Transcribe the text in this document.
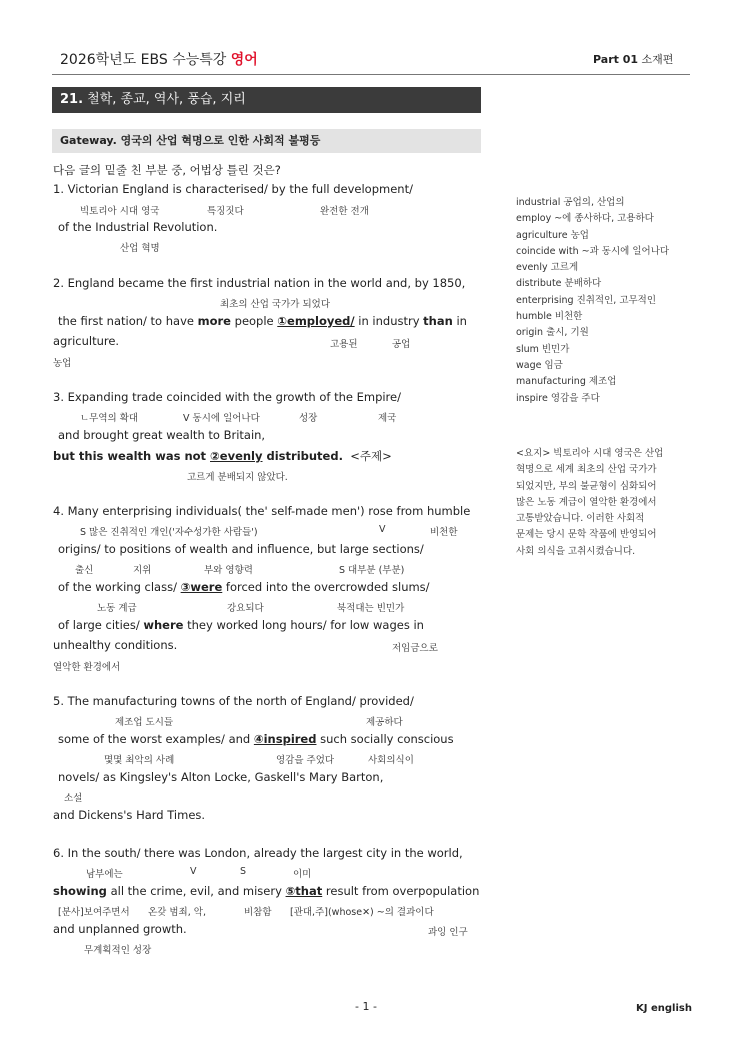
2026학년도 EBS 수능특강 영어	Part 01 소재편
21. 철학, 종교, 역사, 풍습, 지리
Gateway. 영국의 산업 혁명으로 인한 사회적 불평등
다음 글의 밑줄 친 부분 중, 어법상 틀린 것은?
1. Victorian England is characterised/ by the full development/
빅토리아 시대 영국	특징짓다	완전한 전개
of the Industrial Revolution.
산업 혁명
2. England became the first industrial nation in the world and, by 1850,
최초의 산업 국가가 되었다
the first nation/ to have more people ①employed/ in industry than in
agriculture.	고용된	공업
농업
3. Expanding trade coincided with the growth of the Empire/
ㄴ무역의 확대	V 동시에 일어나다	성장	제국
and brought great wealth to Britain,
but this wealth was not ②evenly distributed. <주제>
고르게 분배되지 않았다.
4. Many enterprising individuals( the' self-made men') rose from humble
S 많은 진취적인 개인('자수성가한 사람들')	V	비천한
origins/ to positions of wealth and influence, but large sections/
출신	지위	부와 영향력	S 대부분 (부분)
of the working class/ ③were forced into the overcrowded slums/
노동 계급	강요되다	북적대는 빈민가
of large cities/ where they worked long hours/ for low wages in
unhealthy conditions.	저임금으로
열악한 환경에서
5. The manufacturing towns of the north of England/ provided/
제조업 도시들	제공하다
some of the worst examples/ and ④inspired such socially conscious
몇몇 최악의 사례	영감을 주었다	사회의식이
novels/ as Kingsley's Alton Locke, Gaskell's Mary Barton,
소설
and Dickens's Hard Times.
6. In the south/ there was London, already the largest city in the world,
남부에는	V	S	이미
showing all the crime, evil, and misery ⑤that result from overpopulation
[분사]보여주면서 온갖 범죄, 악,	비참함 [관대,주](whose✕) ~의 결과이다
and unplanned growth.	과잉 인구
무계획적인 성장
industrial 공업의, 산업의
employ ~에 종사하다, 고용하다
agriculture 농업
coincide with ~과 동시에 일어나다
evenly 고르게
distribute 분배하다
enterprising 진취적인, 고무적인
humble 비천한
origin 출시, 기원
slum 빈민가
wage 임금
manufacturing 제조업
inspire 영감을 주다
<요지> 빅토리아 시대 영국은 산업
혁명으로 세계 최초의 산업 국가가
되었지만, 부의 불균형이 심화되어
많은 노동 계급이 열악한 환경에서
고통받았습니다. 이러한 사회적
문제는 당시 문학 작품에 반영되어
사회 의식을 고취시켰습니다.
- 1 -	KJ english
